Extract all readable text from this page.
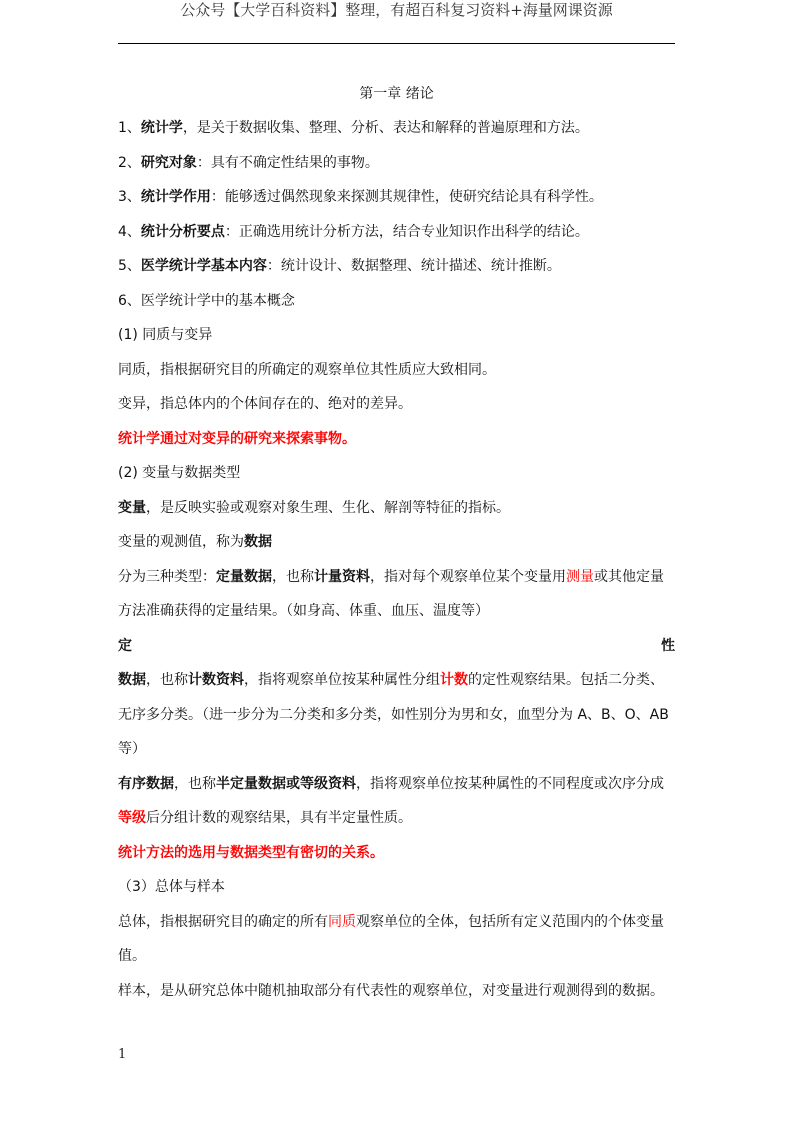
公众号【大学百科资料】整理，有超百科复习资料+海量网课资源
第一章 绪论
1、统计学，是关于数据收集、整理、分析、表达和解释的普遍原理和方法。
2、研究对象：具有不确定性结果的事物。
3、统计学作用：能够透过偶然现象来探测其规律性，使研究结论具有科学性。
4、统计分析要点：正确选用统计分析方法，结合专业知识作出科学的结论。
5、医学统计学基本内容：统计设计、数据整理、统计描述、统计推断。
6、医学统计学中的基本概念
(1) 同质与变异
同质，指根据研究目的所确定的观察单位其性质应大致相同。
变异，指总体内的个体间存在的、绝对的差异。
统计学通过对变异的研究来探索事物。
(2) 变量与数据类型
变量，是反映实验或观察对象生理、生化、解剖等特征的指标。
变量的观测值，称为数据
分为三种类型：定量数据，也称计量资料，指对每个观察单位某个变量用测量或其他定量
方法准确获得的定量结果。（如身高、体重、血压、温度等）
定	性
数据，也称计数资料，指将观察单位按某种属性分组计数的定性观察结果。包括二分类、
无序多分类。（进一步分为二分类和多分类，如性别分为男和女，血型分为 A、B、O、AB
等）
有序数据，也称半定量数据或等级资料，指将观察单位按某种属性的不同程度或次序分成
等级后分组计数的观察结果，具有半定量性质。
统计方法的选用与数据类型有密切的关系。
（3）总体与样本
总体，指根据研究目的确定的所有同质观察单位的全体，包括所有定义范围内的个体变量
值。
样本，是从研究总体中随机抽取部分有代表性的观察单位，对变量进行观测得到的数据。
1
